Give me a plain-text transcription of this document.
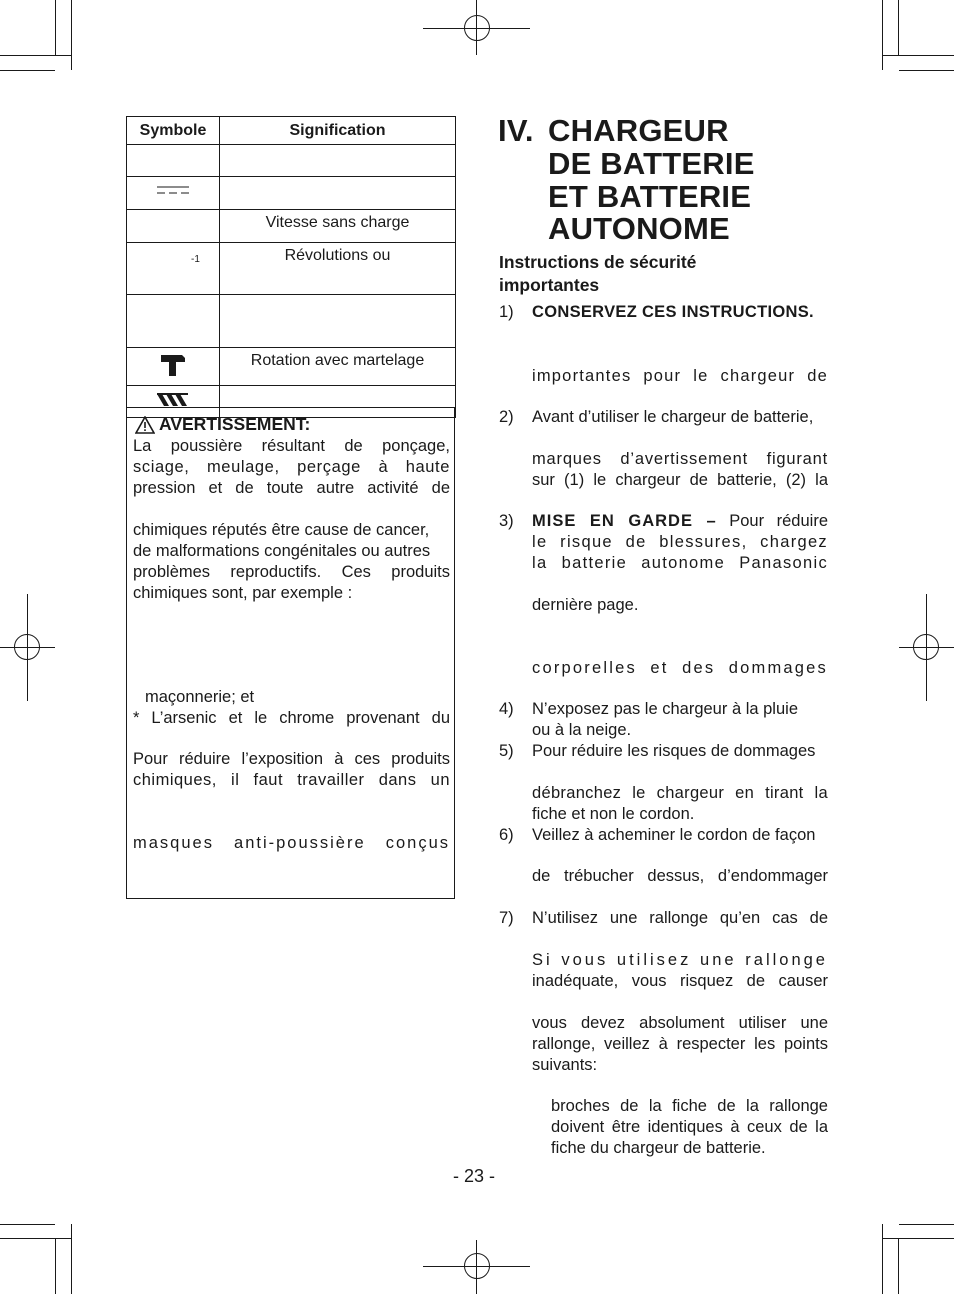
Symbole	Signification

	Vitesse sans charge

-1	Révolutions ou

	Rotation avec martelage

AVERTISSEMENT:
La poussière résultant de ponçage,
sciage, meulage, perçage à haute
pression et de toute autre activité de
chimiques réputés être cause de cancer,
de malformations congénitales ou autres
problèmes reproductifs. Ces produits
chimiques sont, par exemple :
maçonnerie; et
* L’arsenic et le chrome provenant du
Pour réduire l’exposition à ces produits
chimiques, il faut travailler dans un
masques anti-poussière conçus
IV. CHARGEUR
DE BATTERIE
ET BATTERIE
AUTONOME
Instructions de sécurité
importantes
1) CONSERVEZ CES INSTRUCTIONS.
importantes pour le chargeur de
2) Avant d’utiliser le chargeur de batterie,
marques d’avertissement figurant
sur (1) le chargeur de batterie, (2) la
3) MISE EN GARDE – Pour réduire
le risque de blessures, chargez
la batterie autonome Panasonic
dernière page.
corporelles et des dommages
4) N’exposez pas le chargeur à la pluie
ou à la neige.
5) Pour réduire les risques de dommages
débranchez le chargeur en tirant la
fiche et non le cordon.
6) Veillez à acheminer le cordon de façon
de trébucher dessus, d’endommager
7) N’utilisez une rallonge qu’en cas de
Si vous utilisez une rallonge
inadéquate, vous risquez de causer
vous devez absolument utiliser une
rallonge, veillez à respecter les points
suivants:
broches de la fiche de la rallonge
doivent être identiques à ceux de la
fiche du chargeur de batterie.
- 23 -
